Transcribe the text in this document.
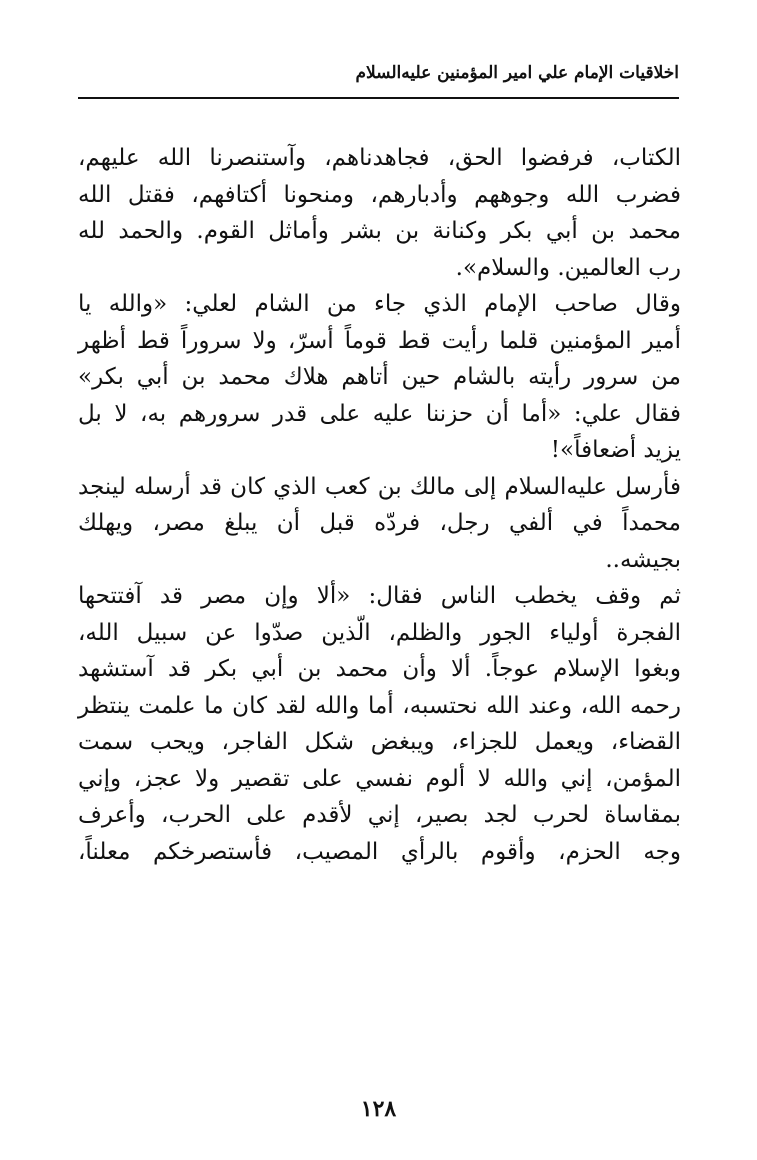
اخلاقيات الإمام علي امير المؤمنين عليه‌السلام

الكتاب، فرفضوا الحق، فجاهدناهم، وآستنصرنا الله عليهم،
فضرب الله وجوههم وأدبارهم، ومنحونا أكتافهم، فقتل الله
محمد بن أبي بكر وكنانة بن بشر وأماثل القوم. والحمد لله
رب العالمين. والسلام».

وقال صاحب الإمام الذي جاء من الشام لعلي: «والله يا
أمير المؤمنين قلما رأيت قط قوماً أسرّ، ولا سروراً قط أظهر
من سرور رأيته بالشام حين أتاهم هلاك محمد بن أبي بكر»
فقال علي: «أما أن حزننا عليه على قدر سرورهم به، لا بل
يزيد أضعافاً»!

فأرسل عليه‌السلام إلى مالك بن كعب الذي كان قد أرسله لينجد
محمداً في ألفي رجل، فردّه قبل أن يبلغ مصر، ويهلك
بجيشه..

ثم وقف يخطب الناس فقال: «ألا وإن مصر قد آفتتحها
الفجرة أولياء الجور والظلم، الّذين صدّوا عن سبيل الله،
وبغوا الإسلام عوجاً. ألا وأن محمد بن أبي بكر قد آستشهد
رحمه الله، وعند الله نحتسبه، أما والله لقد كان ما علمت ينتظر
القضاء، ويعمل للجزاء، ويبغض شكل الفاجر، ويحب سمت
المؤمن، إني والله لا ألوم نفسي على تقصير ولا عجز، وإني
بمقاساة لحرب لجد بصير، إني لأقدم على الحرب، وأعرف
وجه الحزم، وأقوم بالرأي المصيب، فأستصرخكم معلناً،

١٢٨
